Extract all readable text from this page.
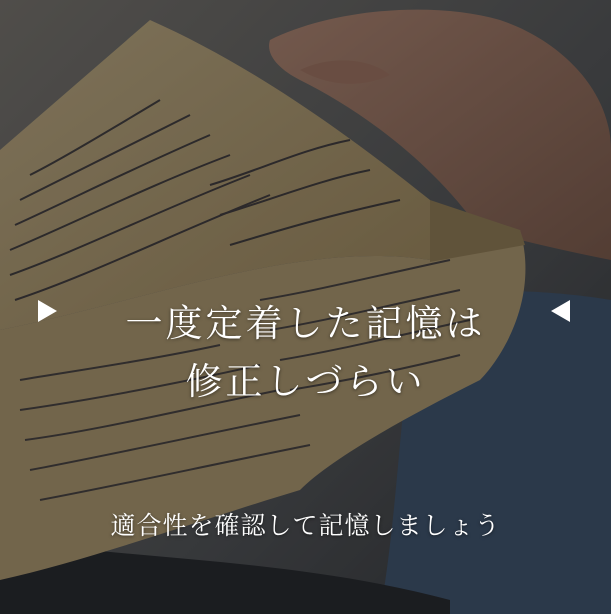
一度定着した記憶は
修正しづらい
適合性を確認して記憶しましょう
